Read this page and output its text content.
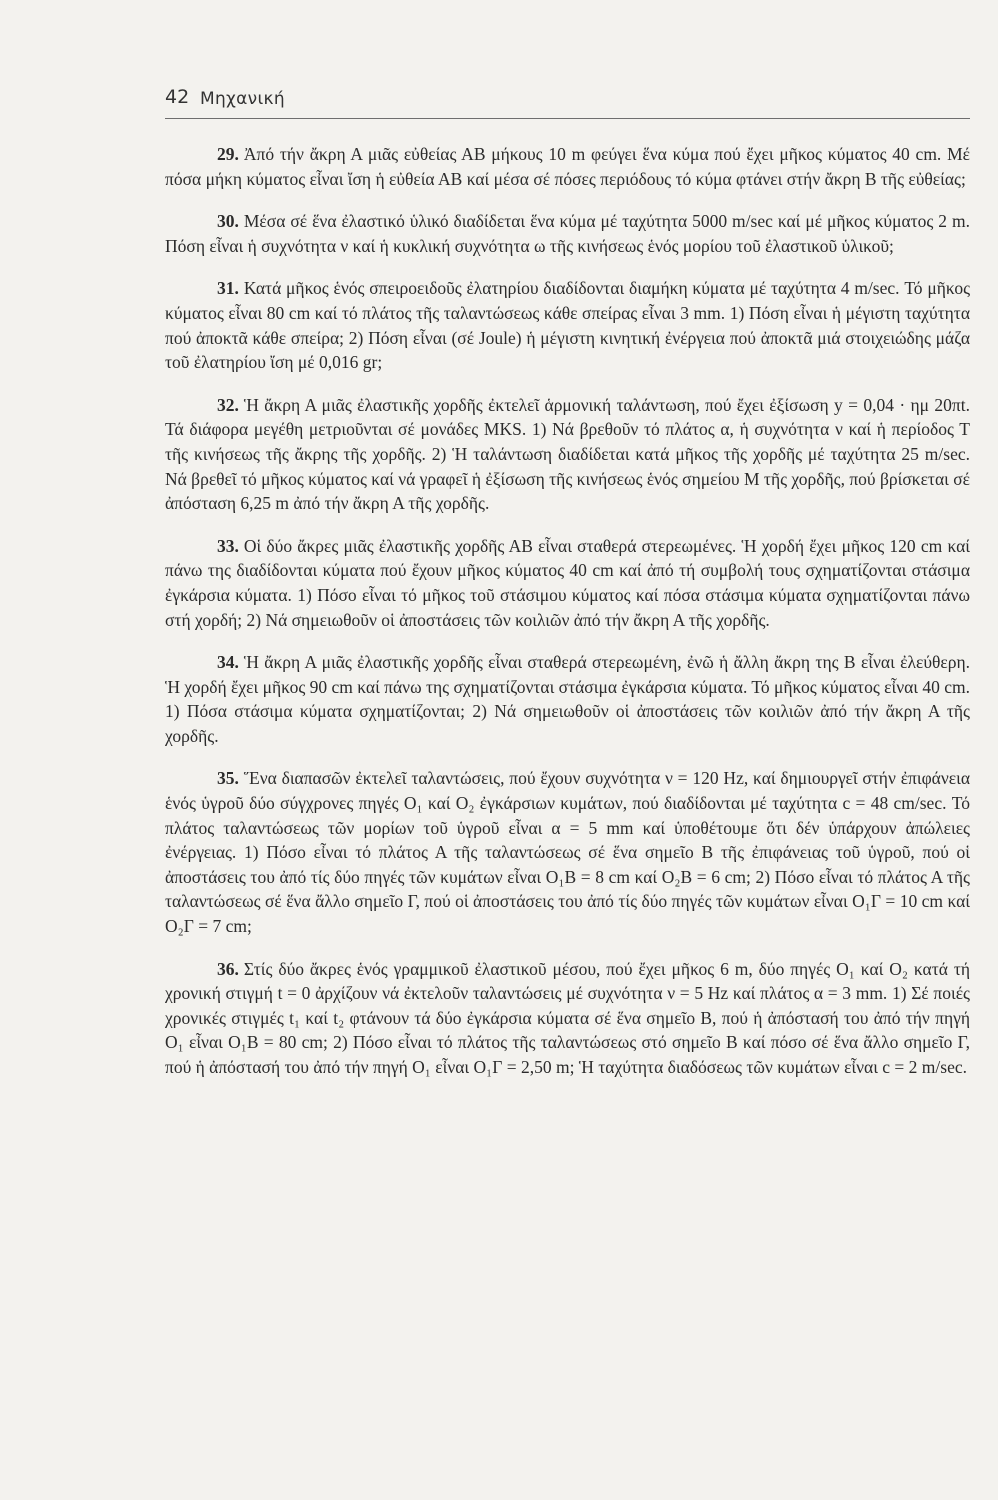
42 Μηχανική

29. Ἀπό τήν ἄκρη Α μιᾶς εὐθείας ΑΒ μήκους 10 m φεύγει ἕνα κύμα πού ἔχει μῆκος κύματος 40 cm. Μέ πόσα μήκη κύματος εἶναι ἴση ἡ εὐθεία ΑΒ καί μέσα σέ πόσες περιόδους τό κύμα φτάνει στήν ἄκρη Β τῆς εὐθείας;

30. Μέσα σέ ἕνα ἐλαστικό ὑλικό διαδίδεται ἕνα κύμα μέ ταχύτητα 5000 m/sec καί μέ μῆκος κύματος 2 m. Πόση εἶναι ἡ συχνότητα ν καί ἡ κυκλική συχνότητα ω τῆς κινήσεως ἑνός μορίου τοῦ ἐλαστικοῦ ὑλικοῦ;

31. Κατά μῆκος ἑνός σπειροειδοῦς ἐλατηρίου διαδίδονται διαμήκη κύματα μέ ταχύτητα 4 m/sec. Τό μῆκος κύματος εἶναι 80 cm καί τό πλάτος τῆς ταλαντώσεως κάθε σπείρας εἶναι 3 mm. 1) Πόση εἶναι ἡ μέγιστη ταχύτητα πού ἀποκτᾶ κάθε σπείρα; 2) Πόση εἶναι (σέ Joule) ἡ μέγιστη κινητική ἐνέργεια πού ἀποκτᾶ μιά στοιχειώδης μάζα τοῦ ἐλατηρίου ἴση μέ 0,016 gr;

32. Ἡ ἄκρη Α μιᾶς ἐλαστικῆς χορδῆς ἐκτελεῖ ἁρμονική ταλάντωση, πού ἔχει ἐξίσωση y = 0,04 · ημ 20πt. Τά διάφορα μεγέθη μετριοῦνται σέ μονάδες MKS. 1) Νά βρεθοῦν τό πλάτος α, ἡ συχνότητα ν καί ἡ περίοδος Τ τῆς κινήσεως τῆς ἄκρης τῆς χορδῆς. 2) Ἡ ταλάντωση διαδίδεται κατά μῆκος τῆς χορδῆς μέ ταχύτητα 25 m/sec. Νά βρεθεῖ τό μῆκος κύματος καί νά γραφεῖ ἡ ἐξίσωση τῆς κινήσεως ἑνός σημείου Μ τῆς χορδῆς, πού βρίσκεται σέ ἀπόσταση 6,25 m ἀπό τήν ἄκρη Α τῆς χορδῆς.

33. Οἱ δύο ἄκρες μιᾶς ἐλαστικῆς χορδῆς ΑΒ εἶναι σταθερά στερεωμένες. Ἡ χορδή ἔχει μῆκος 120 cm καί πάνω της διαδίδονται κύματα πού ἔχουν μῆκος κύματος 40 cm καί ἀπό τή συμβολή τους σχηματίζονται στάσιμα ἐγκάρσια κύματα. 1) Πόσο εἶναι τό μῆκος τοῦ στάσιμου κύματος καί πόσα στάσιμα κύματα σχηματίζονται πάνω στή χορδή; 2) Νά σημειωθοῦν οἱ ἀποστάσεις τῶν κοιλιῶν ἀπό τήν ἄκρη Α τῆς χορδῆς.

34. Ἡ ἄκρη Α μιᾶς ἐλαστικῆς χορδῆς εἶναι σταθερά στερεωμένη, ἐνῶ ἡ ἄλλη ἄκρη της Β εἶναι ἐλεύθερη. Ἡ χορδή ἔχει μῆκος 90 cm καί πάνω της σχηματίζονται στάσιμα ἐγκάρσια κύματα. Τό μῆκος κύματος εἶναι 40 cm. 1) Πόσα στάσιμα κύματα σχηματίζονται; 2) Νά σημειωθοῦν οἱ ἀποστάσεις τῶν κοιλιῶν ἀπό τήν ἄκρη Α τῆς χορδῆς.

35. Ἕνα διαπασῶν ἐκτελεῖ ταλαντώσεις, πού ἔχουν συχνότητα ν = 120 Hz, καί δημιουργεῖ στήν ἐπιφάνεια ἑνός ὑγροῦ δύο σύγχρονες πηγές O₁ καί O₂ ἐγκάρσιων κυμάτων, πού διαδίδονται μέ ταχύτητα c = 48 cm/sec. Τό πλάτος ταλαντώσεως τῶν μορίων τοῦ ὑγροῦ εἶναι α = 5 mm καί ὑποθέτουμε ὅτι δέν ὑπάρχουν ἀπώλειες ἐνέργειας. 1) Πόσο εἶναι τό πλάτος Α τῆς ταλαντώσεως σέ ἕνα σημεῖο Β τῆς ἐπιφάνειας τοῦ ὑγροῦ, πού οἱ ἀποστάσεις του ἀπό τίς δύο πηγές τῶν κυμάτων εἶναι O₁B = 8 cm καί O₂B = 6 cm; 2) Πόσο εἶναι τό πλάτος Α τῆς ταλαντώσεως σέ ἕνα ἄλλο σημεῖο Γ, πού οἱ ἀποστάσεις του ἀπό τίς δύο πηγές τῶν κυμάτων εἶναι O₁Γ = 10 cm καί O₂Γ = 7 cm;

36. Στίς δύο ἄκρες ἑνός γραμμικοῦ ἐλαστικοῦ μέσου, πού ἔχει μῆκος 6 m, δύο πηγές O₁ καί O₂ κατά τή χρονική στιγμή t = 0 ἀρχίζουν νά ἐκτελοῦν ταλαντώσεις μέ συχνότητα ν = 5 Hz καί πλάτος α = 3 mm. 1) Σέ ποιές χρονικές στιγμές t₁ καί t₂ φτάνουν τά δύο ἐγκάρσια κύματα σέ ἕνα σημεῖο Β, πού ἡ ἀπόστασή του ἀπό τήν πηγή O₁ εἶναι O₁B = 80 cm; 2) Πόσο εἶναι τό πλάτος τῆς ταλαντώσεως στό σημεῖο Β καί πόσο σέ ἕνα ἄλλο σημεῖο Γ, πού ἡ ἀπόστασή του ἀπό τήν πηγή O₁ εἶναι O₁Γ = 2,50 m; Ἡ ταχύτητα διαδόσεως τῶν κυμάτων εἶναι c = 2 m/sec.
